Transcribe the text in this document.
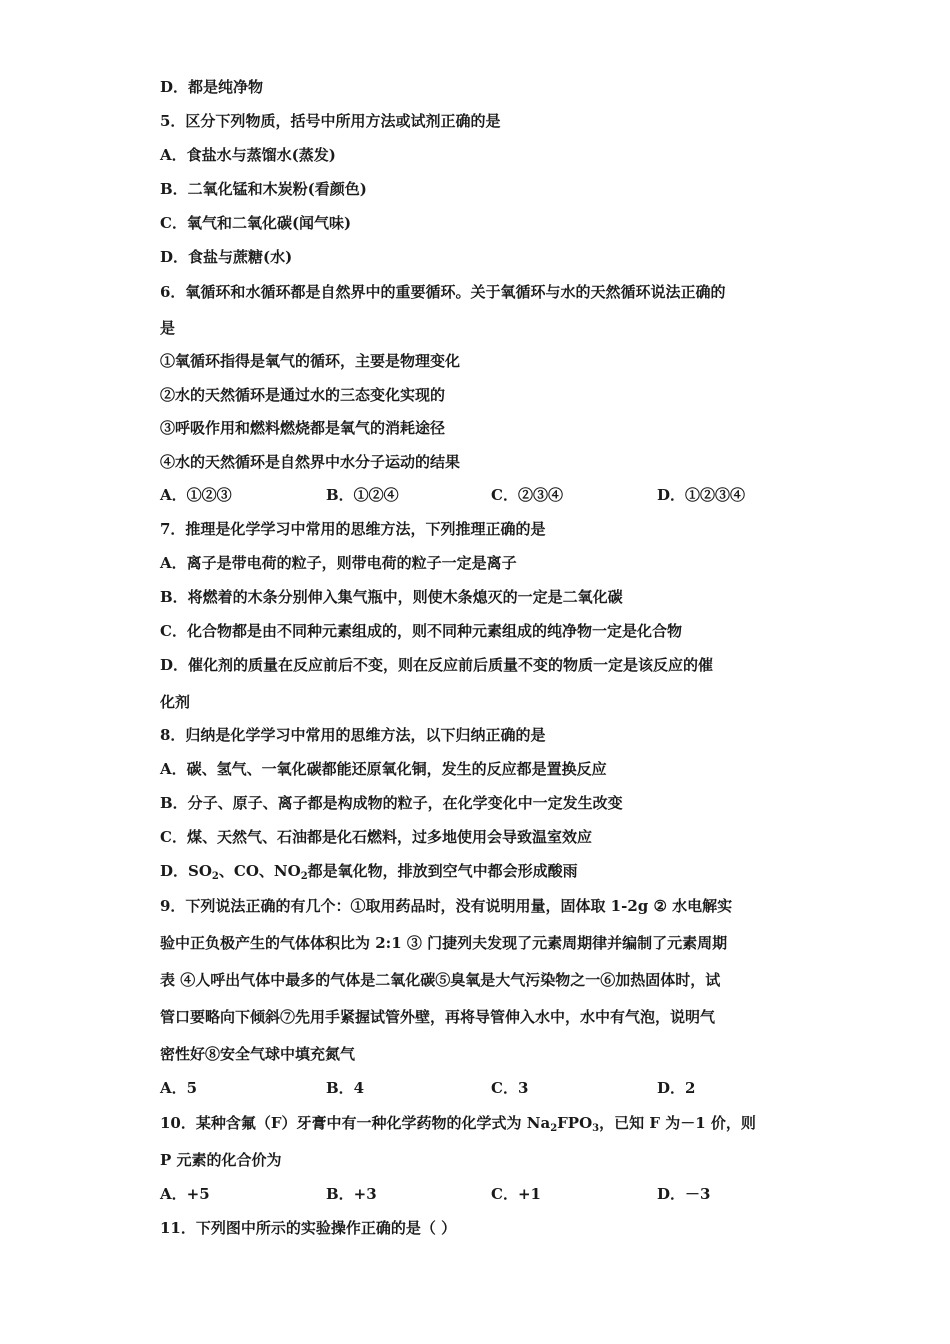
D．都是纯净物
5．区分下列物质，括号中所用方法或试剂正确的是
A．食盐水与蒸馏水(蒸发)
B．二氧化锰和木炭粉(看颜色)
C．氧气和二氧化碳(闻气味)
D．食盐与蔗糖(水)
6．氧循环和水循环都是自然界中的重要循环。关于氧循环与水的天然循环说法正确的
是
①氧循环指得是氧气的循环，主要是物理变化
②水的天然循环是通过水的三态变化实现的
③呼吸作用和燃料燃烧都是氧气的消耗途径
④水的天然循环是自然界中水分子运动的结果
A．①②③	B．①②④	C．②③④	D．①②③④
7．推理是化学学习中常用的思维方法，下列推理正确的是
A．离子是带电荷的粒子，则带电荷的粒子一定是离子
B．将燃着的木条分别伸入集气瓶中，则使木条熄灭的一定是二氧化碳
C．化合物都是由不同种元素组成的，则不同种元素组成的纯净物一定是化合物
D．催化剂的质量在反应前后不变，则在反应前后质量不变的物质一定是该反应的催
化剂
8．归纳是化学学习中常用的思维方法，以下归纳正确的是
A．碳、氢气、一氧化碳都能还原氧化铜，发生的反应都是置换反应
B．分子、原子、离子都是构成物的粒子，在化学变化中一定发生改变
C．煤、天然气、石油都是化石燃料，过多地使用会导致温室效应
D．$SO_2$、CO、$NO_2$都是氧化物，排放到空气中都会形成酸雨
9．下列说法正确的有几个：①取用药品时，没有说明用量，固体取 1-2g ② 水电解实
验中正负极产生的气体体积比为 2:1 ③ 门捷列夫发现了元素周期律并编制了元素周期
表 ④人呼出气体中最多的气体是二氧化碳⑤臭氧是大气污染物之一⑥加热固体时，试
管口要略向下倾斜⑦先用手紧握试管外壁，再将导管伸入水中，水中有气泡，说明气
密性好⑧安全气球中填充氮气
A．5	B．4	C．3	D．2
10．某种含氟（F）牙膏中有一种化学药物的化学式为 $Na_2FPO_3$，已知 F 为－1 价，则
P 元素的化合价为
A．+5	B．+3	C．+1	D．－3
11．下列图中所示的实验操作正确的是（ ）
